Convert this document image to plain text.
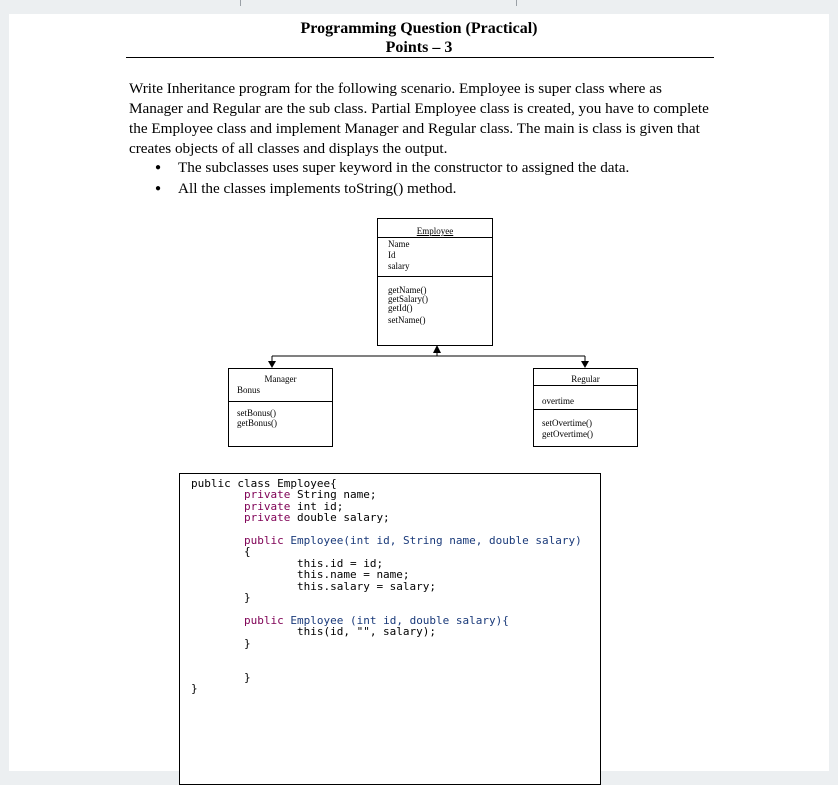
Programming Question (Practical)
Points – 3
Write Inheritance program for the following scenario. Employee is super class where as Manager and Regular are the sub class. Partial Employee class is created, you have to complete the Employee class and implement Manager and Regular class. The main is class is given that creates objects of all classes and displays the output.
● The subclasses uses super keyword in the constructor to assigned the data.
● All the classes implements toString() method.
Employee
Name
Id
salary
getName()
getSalary()
getId()
setName()
Manager
Bonus
setBonus()
getBonus()
Regular
overtime
setOvertime()
getOvertime()
public class Employee{
private String name;
private int id;
private double salary;

public Employee(int id, String name, double salary)
{
this.id = id;
this.name = name;
this.salary = salary;
}

public Employee (int id, double salary){
this(id, "", salary);
}

}
}
